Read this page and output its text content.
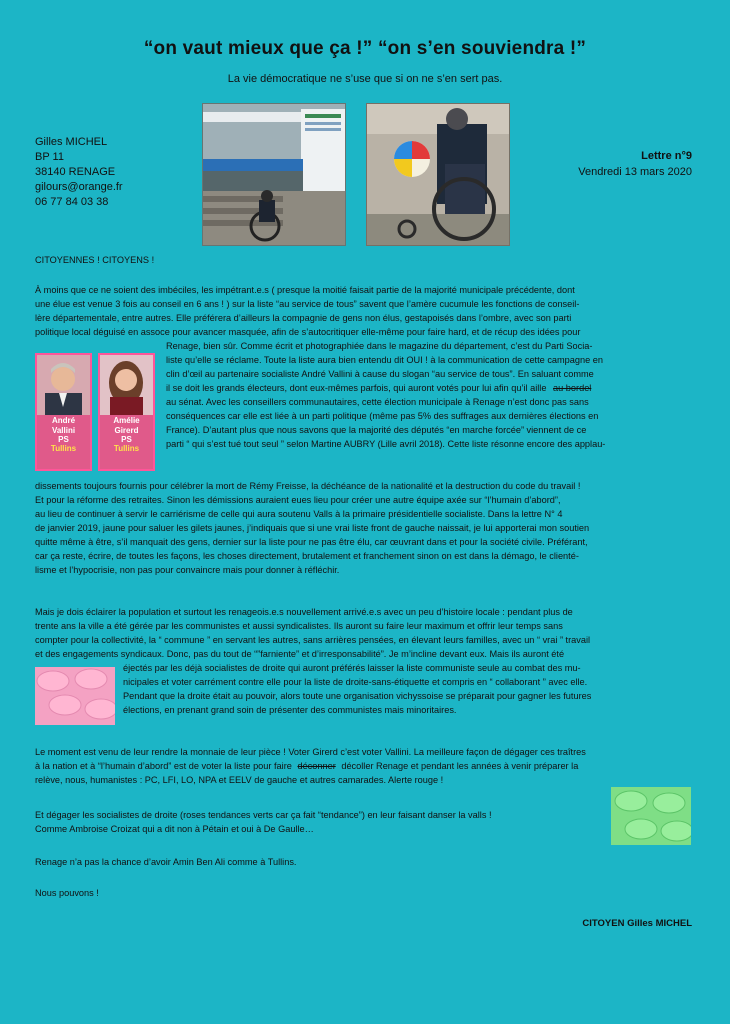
“on vaut mieux que ça !” “on s’en souviendra !”
La vie démocratique ne s’use que si on ne s’en sert pas.
Gilles MICHEL
BP 11
38140 RENAGE
gilours@orange.fr
06 77 84 03 38
Lettre n°9
Vendredi 13 mars 2020
CITOYENNES ! CITOYENS !
À moins que ce ne soient des imbéciles, les impétrant.e.s ( presque la moitié faisait partie de la majorité municipale précédente, dont
une élue est venue 3 fois au conseil en 6 ans ! ) sur la liste “au service de tous” savent que l’amère cucumule les fonctions de conseil-
lère départementale, entre autres. Elle préférera d’ailleurs la compagnie de gens non élus, gestapoisés dans l’ombre, avec son parti
politique local déguisé en assoce pour avancer masquée, afin de s’autocritiquer elle-même pour faire hard, et de récup des idées pour
André
Vallini
PS
Tullins
Amélie
Girerd
PS
Tullins
Renage, bien sûr. Comme écrit et photographiée dans le magazine du département, c’est du Parti Socia-
liste qu’elle se réclame. Toute la liste aura bien entendu dit OUI ! à la communication de cette campagne en
clin d’œil au partenaire socialiste André Vallini à cause du slogan “au service de tous”. En saluant comme
il se doit les grands électeurs, dont eux-mêmes parfois, qui auront votés pour lui afin qu’il aille au bordel
au sénat. Avec les conseillers communautaires, cette élection municipale à Renage n’est donc pas sans
conséquences car elle est liée à un parti politique (même pas 5% des suffrages aux dernières élections en
France). D’autant plus que nous savons que la majorité des députés “en marche forcée” viennent de ce
parti “ qui s’est tué tout seul ” selon Martine AUBRY (Lille avril 2018). Cette liste résonne encore des applau-
dissements toujours fournis pour célébrer la mort de Rémy Freisse, la déchéance de la nationalité et la destruction du code du travail !
Et pour la réforme des retraites. Sinon les démissions auraient eues lieu pour créer une autre équipe axée sur “l’humain d’abord”,
au lieu de continuer à servir le carriérisme de celle qui aura soutenu Valls à la primaire présidentielle socialiste. Dans la lettre N° 4
de janvier 2019, jaune pour saluer les gilets jaunes, j’indiquais que si une vrai liste front de gauche naissait, je lui apporterai mon soutien
quitte même à être, s’il manquait des gens, dernier sur la liste pour ne pas être élu, car œuvrant dans et pour la société civile. Préférant,
car ça reste, écrire, de toutes les façons, les choses directement, brutalement et franchement sinon on est dans la démago, le clienté-
lisme et l’hypocrisie, non pas pour convaincre mais pour donner à réfléchir.
Mais je dois éclairer la population et surtout les renageois.e.s nouvellement arrivé.e.s avec un peu d’histoire locale : pendant plus de
trente ans la ville a été gérée par les communistes et aussi syndicalistes. Ils auront su faire leur maximum et offrir leur temps sans
compter pour la collectivité, la “ commune ” en servant les autres, sans arrières pensées, en élevant leurs familles, avec un “ vrai ” travail
et des engagements syndicaux. Donc, pas du tout de “”farniente” et d’irresponsabilité”. Je m’incline devant eux. Mais ils auront été
éjectés par les déjà socialistes de droite qui auront préférés laisser la liste communiste seule au combat des mu-
nicipales et voter carrément contre elle pour la liste de droite-sans-étiquette et compris en “ collaborant ” avec elle.
Pendant que la droite était au pouvoir, alors toute une organisation vichyssoise se préparait pour gagner les futures
élections, en prenant grand soin de présenter des communistes mais minoritaires.
Le moment est venu de leur rendre la monnaie de leur pièce ! Voter Girerd c’est voter Vallini. La meilleure façon de dégager ces traîtres
à la nation et à “l’humain d’abord” est de voter la liste pour faire déconner décoller Renage et pendant les années à venir préparer la
relève, nous, humanistes : PC, LFI, LO, NPA et EELV de gauche et autres camarades. Alerte rouge !
Et dégager les socialistes de droite (roses tendances verts car ça fait “tendance”) en leur faisant danser la valls !
Comme Ambroise Croizat qui a dit non à Pétain et oui à De Gaulle…
Renage n’a pas la chance d’avoir Amin Ben Ali comme à Tullins.
Nous pouvons !
CITOYEN Gilles MICHEL
